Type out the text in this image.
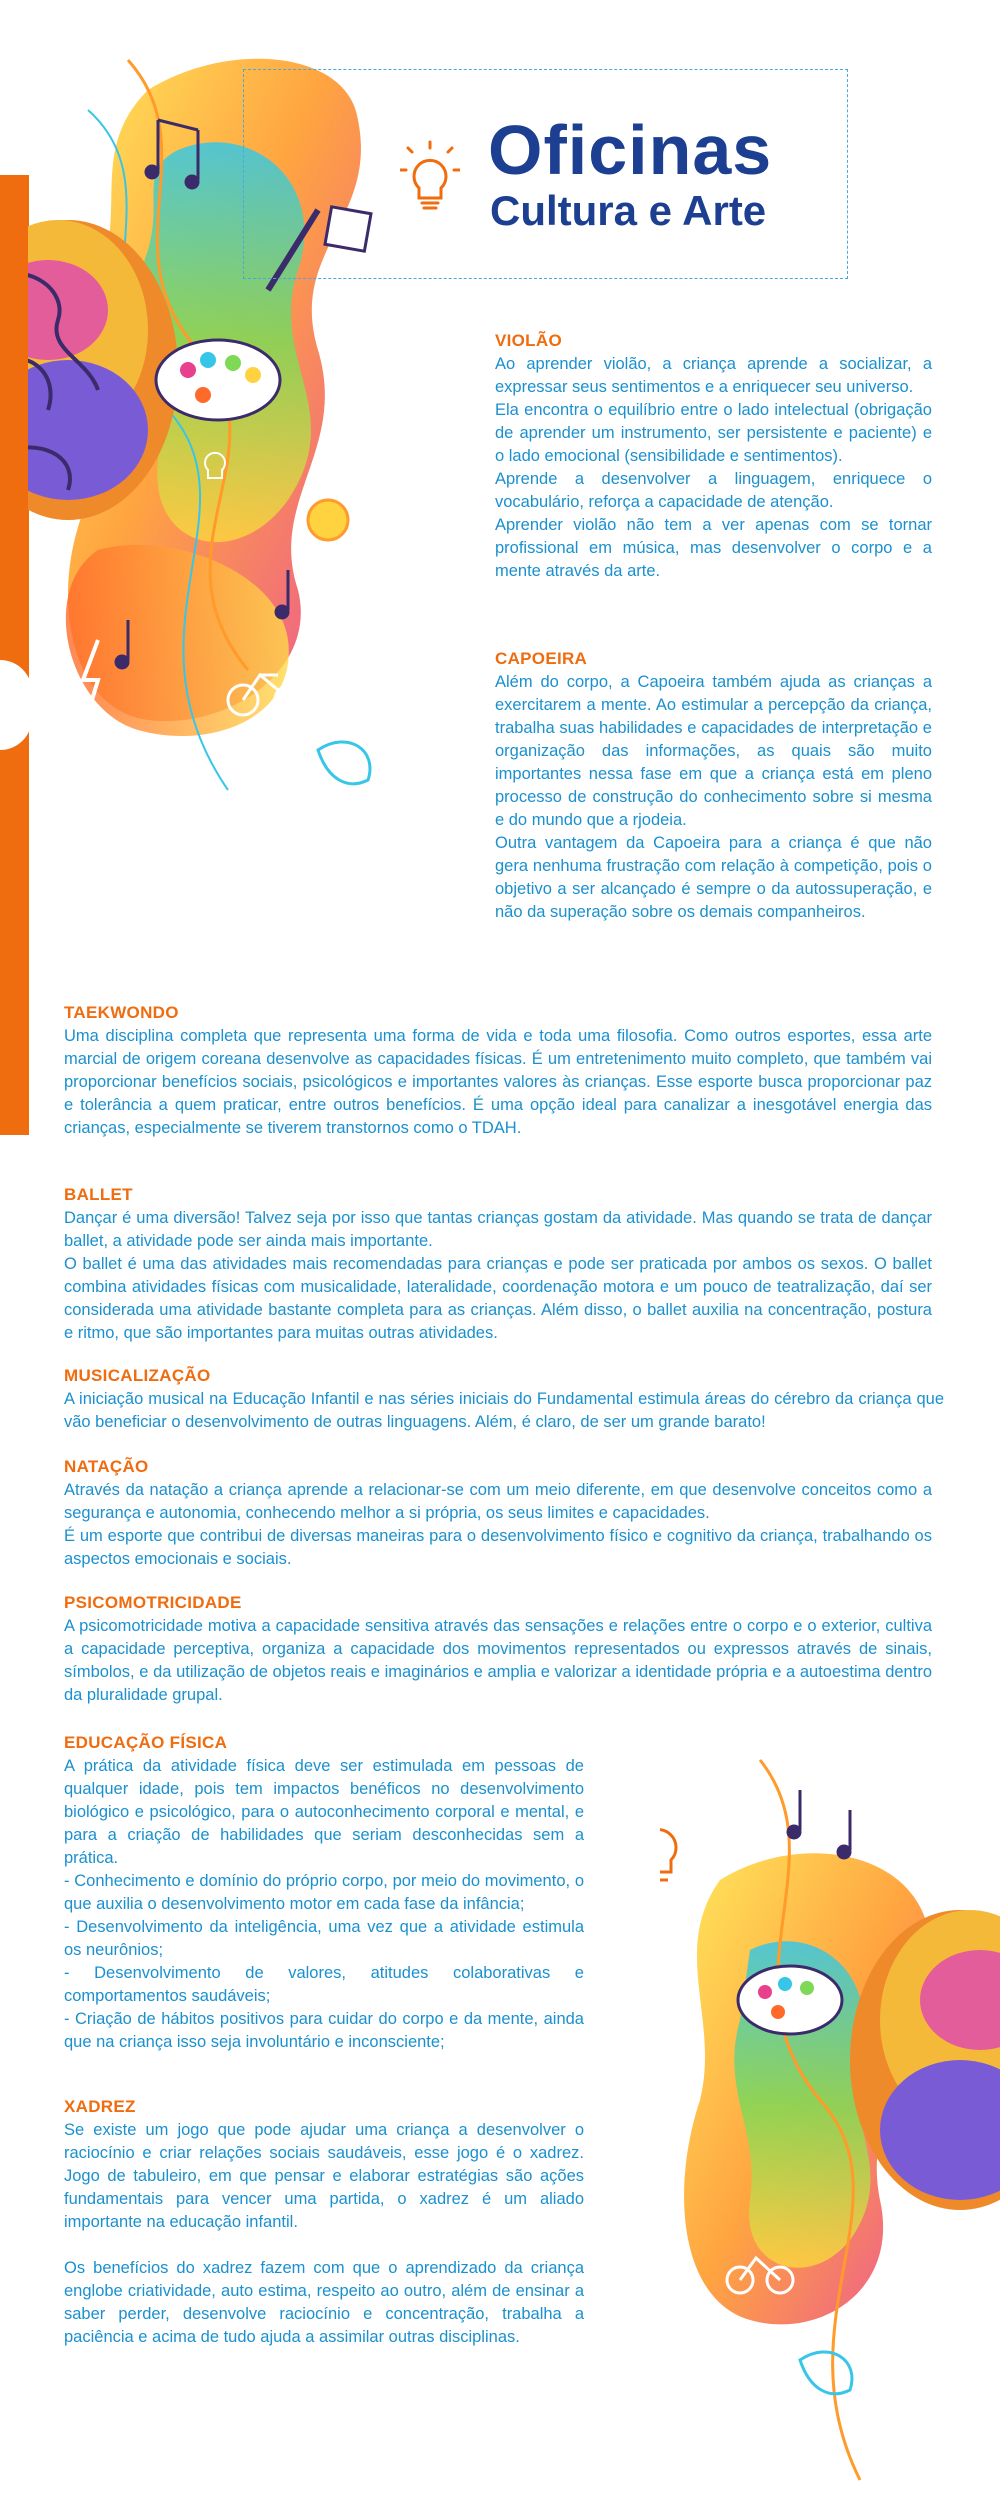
Oficinas
Cultura e Arte
VIOLÃO

Ao aprender violão, a criança aprende a socializar, a expressar seus sentimentos e a enriquecer seu universo.

Ela encontra o equilíbrio entre o lado intelectual (obrigação de aprender um instrumento, ser persistente e paciente) e o lado emocional (sensibilidade e sentimentos).

Aprende a desenvolver a linguagem, enriquece o vocabulário, reforça a capacidade de atenção.

Aprender violão não tem a ver apenas com se tornar profissional em música, mas desenvolver o corpo e a mente através da arte.

CAPOEIRA

Além do corpo, a Capoeira também ajuda as crianças a exercitarem a mente. Ao estimular a percepção da criança, trabalha suas habilidades e capacidades de interpretação e organização das informações, as quais são muito importantes nessa fase em que a criança está em pleno processo de construção do conhecimento sobre si mesma e do mundo que a rjodeia.

Outra vantagem da Capoeira para a criança é que não gera nenhuma frustração com relação à competição, pois o objetivo a ser alcançado é sempre o da autossuperação, e não da superação sobre os demais companheiros.

TAEKWONDO

Uma disciplina completa que representa uma forma de vida e toda uma filosofia. Como outros esportes, essa arte marcial de origem coreana desenvolve as capacidades físicas. É um entretenimento muito completo, que também vai proporcionar benefícios sociais, psicológicos e importantes valores às crianças. Esse esporte busca proporcionar paz e tolerância a quem praticar, entre outros benefícios. É uma opção ideal para canalizar a inesgotável energia das crianças, especialmente se tiverem transtornos como o TDAH.

BALLET

Dançar é uma diversão! Talvez seja por isso que tantas crianças gostam da atividade. Mas quando se trata de dançar ballet, a atividade pode ser ainda mais importante.

O ballet é uma das atividades mais recomendadas para crianças e pode ser praticada por ambos os sexos. O ballet combina atividades físicas com musicalidade, lateralidade, coordenação motora e um pouco de teatralização, daí ser considerada uma atividade bastante completa para as crianças. Além disso, o ballet auxilia na concentração, postura e ritmo, que são importantes para muitas outras atividades.

MUSICALIZAÇÃO

A iniciação musical na Educação Infantil e nas séries iniciais do Fundamental estimula áreas do cérebro da criança que vão beneficiar o desenvolvimento de outras linguagens. Além, é claro, de ser um grande barato!

NATAÇÃO

Através da natação a criança aprende a relacionar-se com um meio diferente, em que desenvolve conceitos como a segurança e autonomia, conhecendo melhor a si própria, os seus limites e capacidades.

É um esporte que contribui de diversas maneiras para o desenvolvimento físico e cognitivo da criança, trabalhando os aspectos emocionais e sociais.

PSICOMOTRICIDADE

A psicomotricidade motiva a capacidade sensitiva através das sensações e relações entre o corpo e o exterior, cultiva a capacidade perceptiva, organiza a capacidade dos movimentos representados ou expressos através de sinais, símbolos, e da utilização de objetos reais e imaginários e amplia e valorizar a identidade própria e a autoestima dentro da pluralidade grupal.

EDUCAÇÃO FÍSICA

A prática da atividade física deve ser estimulada em pessoas de qualquer idade, pois tem impactos benéficos no desenvolvimento biológico e psicológico, para o autoconhecimento corporal e mental, e para a criação de habilidades que seriam desconhecidas sem a prática.

- Conhecimento e domínio do próprio corpo, por meio do movimento, o que auxilia o desenvolvimento motor em cada fase da infância;

- Desenvolvimento da inteligência, uma vez que a atividade estimula os neurônios;

- Desenvolvimento de valores, atitudes colaborativas e comportamentos saudáveis;

- Criação de hábitos positivos para cuidar do corpo e da mente, ainda que na criança isso seja involuntário e inconsciente;

XADREZ

Se existe um jogo que pode ajudar uma criança a desenvolver o raciocínio e criar relações sociais saudáveis, esse jogo é o xadrez. Jogo de tabuleiro, em que pensar e elaborar estratégias são ações fundamentais para vencer uma partida, o xadrez é um aliado importante na educação infantil.

Os benefícios do xadrez fazem com que o aprendizado da criança englobe criatividade, auto estima, respeito ao outro, além de ensinar a saber perder, desenvolve raciocínio e concentração, trabalha a paciência e acima de tudo ajuda a assimilar outras disciplinas.
